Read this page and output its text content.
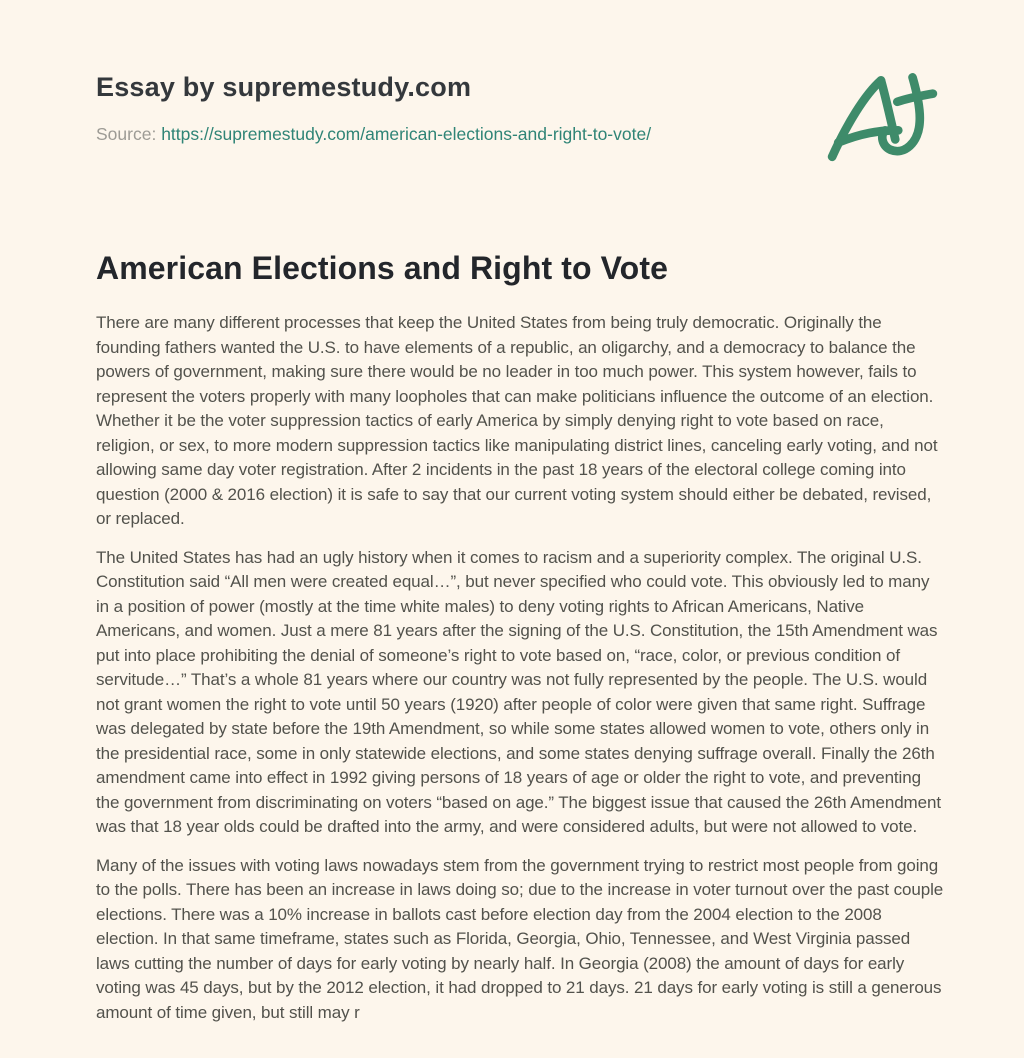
Essay by supremestudy.com
Source: https://supremestudy.com/american-elections-and-right-to-vote/
American Elections and Right to Vote

There are many different processes that keep the United States from being truly democratic. Originally the founding fathers wanted the U.S. to have elements of a republic, an oligarchy, and a democracy to balance the powers of government, making sure there would be no leader in too much power. This system however, fails to represent the voters properly with many loopholes that can make politicians influence the outcome of an election. Whether it be the voter suppression tactics of early America by simply denying right to vote based on race, religion, or sex, to more modern suppression tactics like manipulating district lines, canceling early voting, and not allowing same day voter registration. After 2 incidents in the past 18 years of the electoral college coming into question (2000 & 2016 election) it is safe to say that our current voting system should either be debated, revised, or replaced.

The United States has had an ugly history when it comes to racism and a superiority complex. The original U.S. Constitution said “All men were created equal…”, but never specified who could vote. This obviously led to many in a position of power (mostly at the time white males) to deny voting rights to African Americans, Native Americans, and women. Just a mere 81 years after the signing of the U.S. Constitution, the 15th Amendment was put into place prohibiting the denial of someone’s right to vote based on, “race, color, or previous condition of servitude…” That’s a whole 81 years where our country was not fully represented by the people. The U.S. would not grant women the right to vote until 50 years (1920) after people of color were given that same right. Suffrage was delegated by state before the 19th Amendment, so while some states allowed women to vote, others only in the presidential race, some in only statewide elections, and some states denying suffrage overall. Finally the 26th amendment came into effect in 1992 giving persons of 18 years of age or older the right to vote, and preventing the government from discriminating on voters “based on age.” The biggest issue that caused the 26th Amendment was that 18 year olds could be drafted into the army, and were considered adults, but were not allowed to vote.

Many of the issues with voting laws nowadays stem from the government trying to restrict most people from going to the polls. There has been an increase in laws doing so; due to the increase in voter turnout over the past couple elections. There was a 10% increase in ballots cast before election day from the 2004 election to the 2008 election. In that same timeframe, states such as Florida, Georgia, Ohio, Tennessee, and West Virginia passed laws cutting the number of days for early voting by nearly half. In Georgia (2008) the amount of days for early voting was 45 days, but by the 2012 election, it had dropped to 21 days. 21 days for early voting is still a generous amount of time given, but still may r
